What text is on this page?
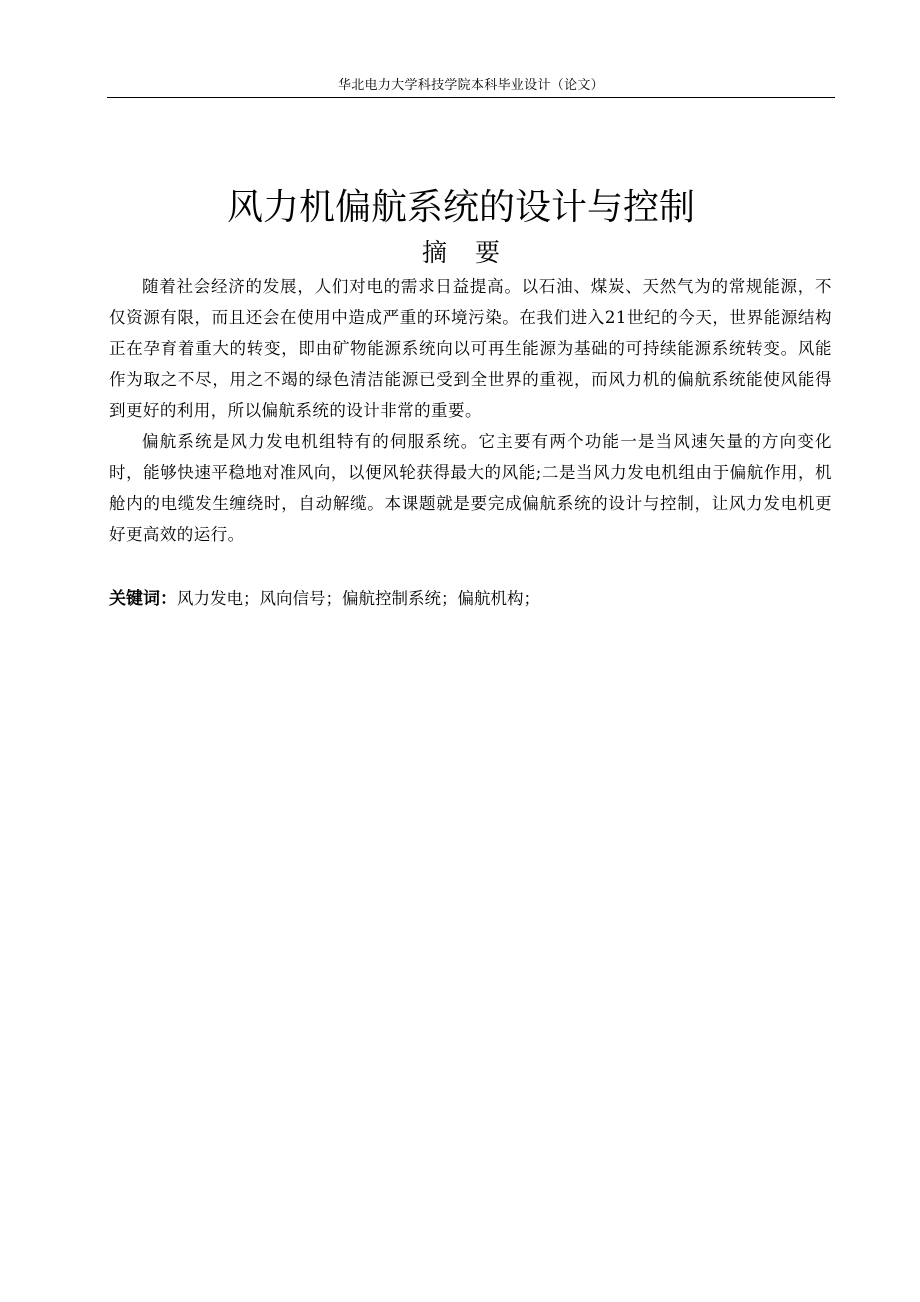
华北电力大学科技学院本科毕业设计（论文）
风力机偏航系统的设计与控制
摘要

随着社会经济的发展，人们对电的需求日益提高。以石油、煤炭、天然气为的常规能源，不仅资源有限，而且还会在使用中造成严重的环境污染。在我们进入21世纪的今天，世界能源结构正在孕育着重大的转变，即由矿物能源系统向以可再生能源为基础的可持续能源系统转变。风能作为取之不尽，用之不竭的绿色清洁能源已受到全世界的重视，而风力机的偏航系统能使风能得到更好的利用，所以偏航系统的设计非常的重要。

偏航系统是风力发电机组特有的伺服系统。它主要有两个功能一是当风速矢量的方向变化时，能够快速平稳地对准风向，以便风轮获得最大的风能;二是当风力发电机组由于偏航作用，机舱内的电缆发生缠绕时，自动解缆。本课题就是要完成偏航系统的设计与控制，让风力发电机更好更高效的运行。

关键词：风力发电；风向信号；偏航控制系统；偏航机构；
